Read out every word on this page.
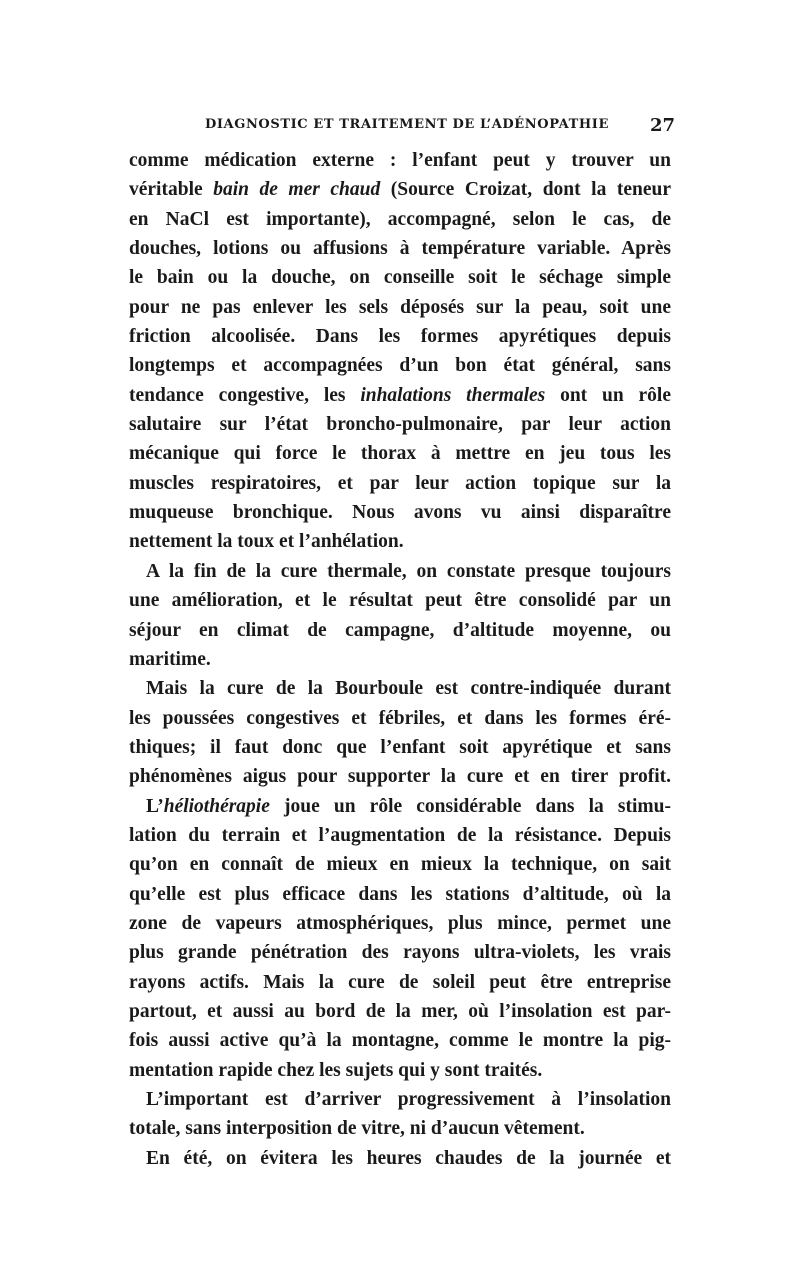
DIAGNOSTIC ET TRAITEMENT DE L’ADÉNOPATHIE 27
comme médication externe : l’enfant peut y trouver un
véritable bain de mer chaud (Source Croizat, dont la teneur
en NaCl est importante), accompagné, selon le cas, de
douches, lotions ou affusions à température variable. Après
le bain ou la douche, on conseille soit le séchage simple
pour ne pas enlever les sels déposés sur la peau, soit une
friction alcoolisée. Dans les formes apyrétiques depuis
longtemps et accompagnées d’un bon état général, sans
tendance congestive, les inhalations thermales ont un rôle
salutaire sur l’état broncho-pulmonaire, par leur action
mécanique qui force le thorax à mettre en jeu tous les
muscles respiratoires, et par leur action topique sur la
muqueuse bronchique. Nous avons vu ainsi disparaître
nettement la toux et l’anhélation.
A la fin de la cure thermale, on constate presque toujours
une amélioration, et le résultat peut être consolidé par un
séjour en climat de campagne, d’altitude moyenne, ou
maritime.
Mais la cure de la Bourboule est contre-indiquée durant
les poussées congestives et fébriles, et dans les formes éré-
thiques; il faut donc que l’enfant soit apyrétique et sans
phénomènes aigus pour supporter la cure et en tirer profit.
L’héliothérapie joue un rôle considérable dans la stimu-
lation du terrain et l’augmentation de la résistance. Depuis
qu’on en connaît de mieux en mieux la technique, on sait
qu’elle est plus efficace dans les stations d’altitude, où la
zone de vapeurs atmosphériques, plus mince, permet une
plus grande pénétration des rayons ultra-violets, les vrais
rayons actifs. Mais la cure de soleil peut être entreprise
partout, et aussi au bord de la mer, où l’insolation est par-
fois aussi active qu’à la montagne, comme le montre la pig-
mentation rapide chez les sujets qui y sont traités.
L’important est d’arriver progressivement à l’insolation
totale, sans interposition de vitre, ni d’aucun vêtement.
En été, on évitera les heures chaudes de la journée et
